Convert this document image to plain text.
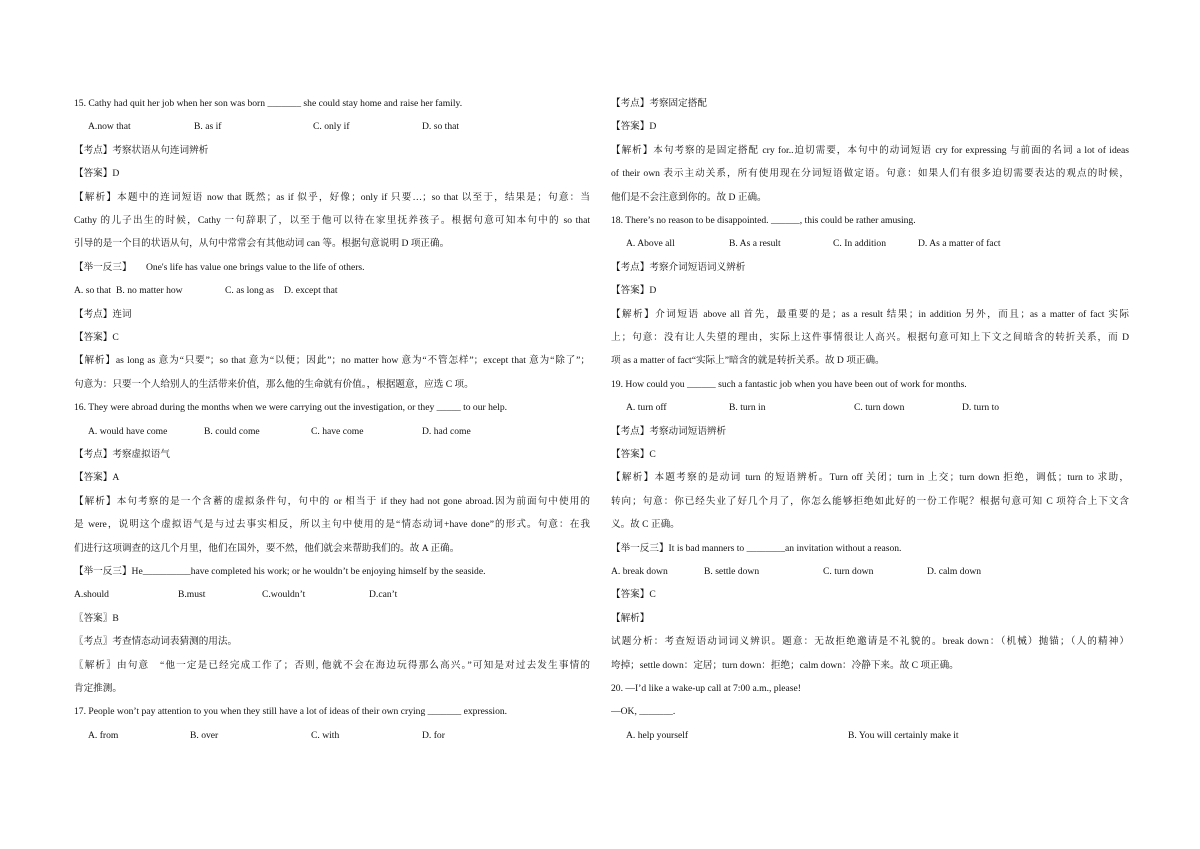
15. Cathy had quit her job when her son was born _______ she could stay home and raise her family.
A.now that	B. as if	C. only if	D. so that
【考点】考察状语从句连词辨析
【答案】D
【解析】本题中的连词短语 now that 既然；as if 似乎，好像；only if 只要…；so that 以至于，结果是；句意：当
Cathy 的儿子出生的时候，Cathy 一句辞职了，以至于他可以待在家里抚养孩子。根据句意可知本句中的 so that
引导的是一个目的状语从句，从句中常常会有其他动词 can 等。根据句意说明 D 项正确。
【举一反三】　　One's life has value one brings value to the life of others.
A. so that B. no matter how	C. as long as D. except that
【考点】连词
【答案】C
【解析】as long as 意为“只要”；so that 意为“以便；因此”；no matter how 意为“不管怎样”；except that 意为“除了”；
句意为：只要一个人给别人的生活带来价值，那么他的生命就有价值。，根据题意，应选 C 项。
16. They were abroad during the months when we were carrying out the investigation, or they _____ to our help.
A. would have come	B. could come	C. have come	D. had come
【考点】考察虚拟语气
【答案】A
【解析】本句考察的是一个含蓄的虚拟条件句，句中的 or 相当于 if they had not gone abroad.因为前面句中使用的
是 were，说明这个虚拟语气是与过去事实相反，所以主句中使用的是“情态动词+have done”的形式。句意：在我
们进行这项调查的这几个月里，他们在国外，要不然，他们就会来帮助我们的。故 A 正确。
【举一反三】He__________have completed his work; or he wouldn’t be enjoying himself by the seaside.
A.should	B.must	C.wouldn’t	D.can’t
〖答案〗B
〖考点〗考查情态动词表猜测的用法。
〖解析〗由句意　“他一定是已经完成工作了；否则, 他就不会在海边玩得那么高兴。”可知是对过去发生事情的
肯定推测。
17. People won’t pay attention to you when they still have a lot of ideas of their own crying _______ expression.
A. from	B. over	C. with	D. for
【考点】考察固定搭配
【答案】D
【解析】本句考察的是固定搭配 cry for..迫切需要，本句中的动词短语 cry for expressing 与前面的名词 a lot of ideas
of their own 表示主动关系，所有使用现在分词短语做定语。句意：如果人们有很多迫切需要表达的观点的时候，
他们是不会注意到你的。故 D 正确。
18. There’s no reason to be disappointed. ______, this could be rather amusing.
A. Above all	B. As a result	C. In addition	D. As a matter of fact
【考点】考察介词短语词义辨析
【答案】D
【解析】介词短语 above all 首先，最重要的是；as a result 结果；in addition 另外，而且；as a matter of fact 实际
上；句意：没有让人失望的理由，实际上这件事情很让人高兴。根据句意可知上下文之间暗含的转折关系，而 D
项 as a matter of fact“实际上”暗含的就是转折关系。故 D 项正确。
19. How could you ______ such a fantastic job when you have been out of work for months.
A. turn off	B. turn in	C. turn down	D. turn to
【考点】考察动词短语辨析
【答案】C
【解析】本题考察的是动词 turn 的短语辨析。Turn off 关闭；turn in 上交；turn down 拒绝，调低；turn to 求助，
转向；句意：你已经失业了好几个月了，你怎么能够拒绝如此好的一份工作呢？根据句意可知 C 项符合上下文含
义。故 C 正确。
【举一反三】It is bad manners to ________an invitation without a reason.
A. break down	B. settle down	C. turn down	D. calm down
【答案】C
【解析】
试题分析：考查短语动词词义辨识。题意：无故拒绝邀请是不礼貌的。break down：（机械）抛锚；（人的精神）
垮掉；settle down：定居；turn down：拒绝；calm down：冷静下来。故 C 项正确。
20. —I’d like a wake-up call at 7:00 a.m., please!
—OK, _______.
A. help yourself	B. You will certainly make it
